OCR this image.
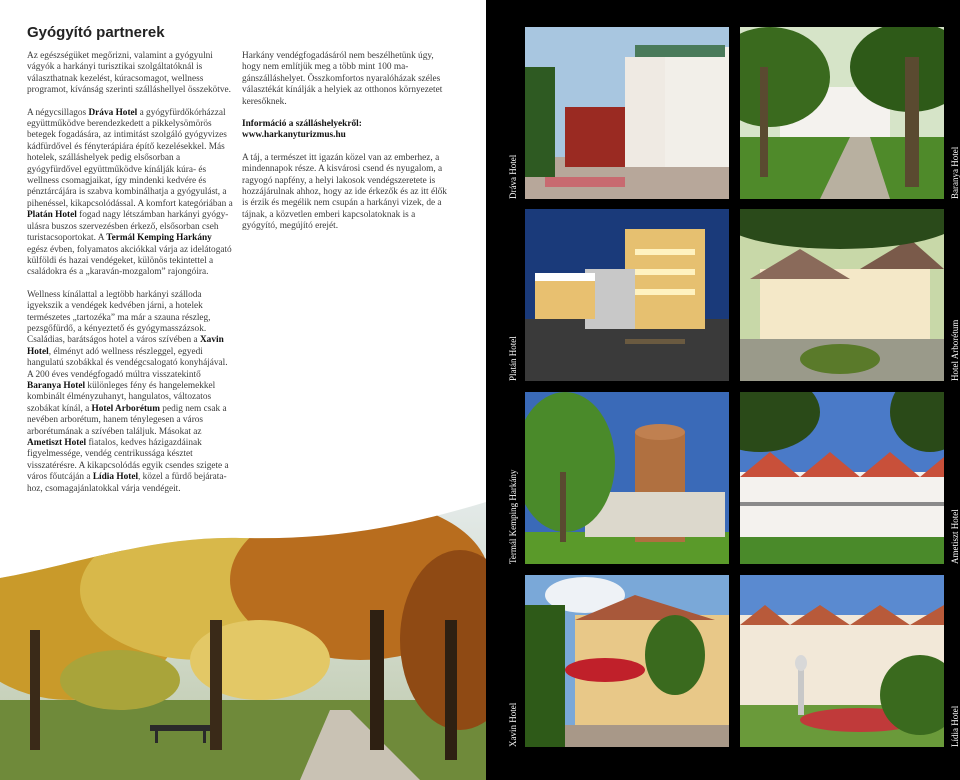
Gyógyító partnerek

Az egészségüket megőrizni, valamint a gyógyulni vágyók a harkányi turisztikai szolgáltatóknál is választhatnak kezelést, kúracsomagot, wellness programot, kívánság szerinti szálláshellyel összekötve.

A négycsillagos Dráva Hotel a gyógyfürdőkórházzal együttműködve berendezkedett a pikkelysömörös betegek fogadására, az intimitást szolgáló gyógyvizes kádfürdővel és fényterápiára építő kezelésekkel. Más hotelek, szálláshelyek pedig elsősorban a gyógyfürdővel együttműködve kínálják kúra- és wellness csomagjaikat, így mindenki kedvére és pénztárcájára is szabva kombinálhatja a gyógyulást, a pihenéssel, kikapcsolódással. A komfort kategóriában a Platán Hotel fogad nagy létszámban harkányi gyógyulásra buszos szervezésben érkező, elsősorban cseh turistacsoportokat. A Termál Kemping Harkány egész évben, folyamatos akciókkal várja az idelátogató külföldi és hazai vendégeket, különös tekintettel a családokra és a „karaván-mozgalom” rajongóira.

Wellness kínálattal a legtöbb harkányi szálloda igyekszik a vendégek kedvében járni, a hotelek természetes „tartozéka” ma már a szauna részleg, pezsgőfürdő, a kényeztető és gyógymasszázsok. Családias, barátságos hotel a város szívében a Xavin Hotel, élményt adó wellness részleggel, egyedi hangulatú szobákkal és vendégcsalogató konyhájával. A 200 éves vendégfogadó múltra visszatekintő Baranya Hotel különleges fény és hangelemekkel kombinált élményzuhanyt, hangulatos, változatos szobákat kínál, a Hotel Arborétum pedig nem csak a nevében arborétum, hanem ténylegesen a város arborétumának a szívében találjuk. Másokat az Ametiszt Hotel fiatalos, kedves házigazdáinak figyelmessége, vendég centrikussága késztet visszatérésre. A kikapcsolódás egyik csendes szigete a város főutcáján a Lídia Hotel, közel a fürdő bejáratahoz, csomagajánlatokkal várja vendégeit.

Harkány vendégfogadásáról nem beszélhetünk úgy, hogy nem említjük meg a több mint 100 magánszálláshelyet. Összkomfortos nyaralóházak széles választékát kínálják a helyiek az otthonos környezetet keresőknek.

Információ a szálláshelyekről:
www.harkanyturizmus.hu

A táj, a természet itt igazán közel van az emberhez, a mindennapok része. A kisvárosi csend és nyugalom, a ragyogó napfény, a helyi lakosok vendégszeretete is hozzájárulnak ahhoz, hogy az ide érkezők és az itt élők is érzik és megélik nem csupán a harkányi vizek, de a tájnak, a közvetlen emberi kapcsolatoknak is a gyógyító, megújító erejét.

Dráva Hotel	Baranya Hotel
Platán Hotel	Hotel Arborétum
Termál Kemping Harkány	Ametiszt Hotel
Xavin Hotel	Lídia Hotel
